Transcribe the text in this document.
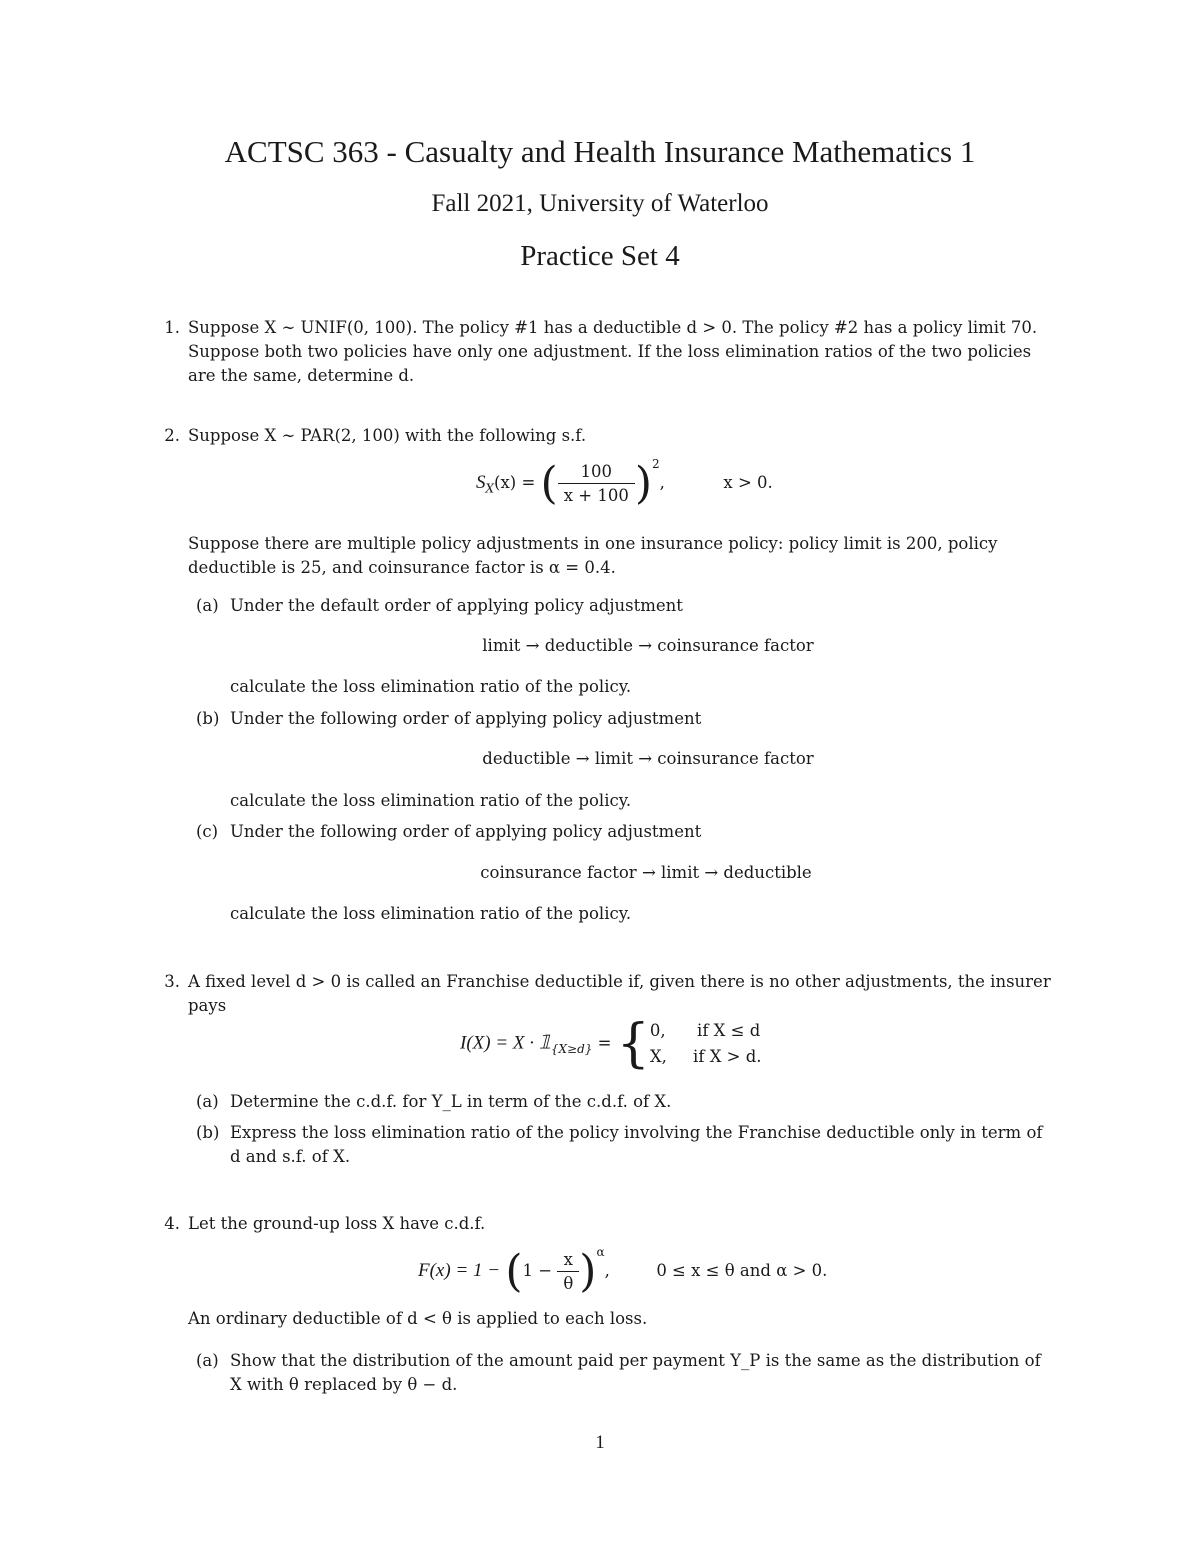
ACTSC 363 - Casualty and Health Insurance Mathematics 1
Fall 2021, University of Waterloo
Practice Set 4
1. Suppose X ∼ UNIF(0, 100). The policy #1 has a deductible d > 0. The policy #2 has a policy limit 70.
Suppose both two policies have only one adjustment. If the loss elimination ratios of the two policies
are the same, determine d.
2. Suppose X ∼ PAR(2, 100) with the following s.f.
$S_X(x)$ = ( $\frac{100}{x + 100} )^2$,	x > 0.
Suppose there are multiple policy adjustments in one insurance policy: policy limit is 200, policy
deductible is 25, and coinsurance factor is α = 0.4.
(a) Under the default order of applying policy adjustment
limit → deductible → coinsurance factor
calculate the loss elimination ratio of the policy.
(b) Under the following order of applying policy adjustment
deductible → limit → coinsurance factor
calculate the loss elimination ratio of the policy.
(c) Under the following order of applying policy adjustment
coinsurance factor → limit → deductible
calculate the loss elimination ratio of the policy.
3. A fixed level d > 0 is called an Franchise deductible if, given there is no other adjustments, the insurer
pays
$I(X) = X \cdot 𝟙_{\{X\ge d\}}$ = { 0,      if X ≤ d
X,     if X > d.
(a) Determine the c.d.f. for Y_L in term of the c.d.f. of X.
(b) Express the loss elimination ratio of the policy involving the Franchise deductible only in term of
d and s.f. of X.
4. Let the ground-up loss X have c.d.f.
$F(x) = 1 - (1 - \frac{x}{\theta} )^\alpha$,	0 ≤ x ≤ θ and α > 0.
An ordinary deductible of d < θ is applied to each loss.
(a) Show that the distribution of the amount paid per payment Y_P is the same as the distribution of
X with θ replaced by θ − d.
1
